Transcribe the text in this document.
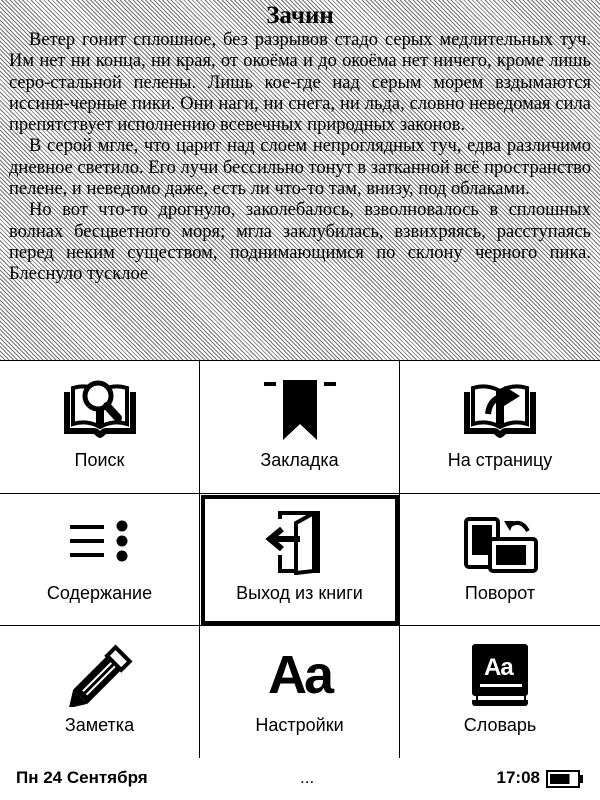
Зачин

Ветер гонит сплошное, без разрывов стадо серых медлительных туч. Им нет ни конца, ни края, от окоёма и до окоёма нет ничего, кроме лишь серо-стальной пелены. Лишь кое-где над серым морем вздымаются иссиня-черные пики. Они наги, ни снега, ни льда, словно неведомая сила препятствует исполнению всевечных природных законов.

В серой мгле, что царит над слоем непроглядных туч, едва различимо дневное светило. Его лучи бессильно тонут в затканной всё пространство пелене, и неведомо даже, есть ли что-то там, внизу, под облаками.

Но вот что-то дрогнуло, заколебалось, взволновалось в сплошных волнах бесцветного моря; мгла заклубилась, взвихряясь, расступаясь перед неким существом, поднимающимся по склону черного пика. Блеснуло тусклое

Поиск	Закладка	На страницу
Содержание	Выход из книги	Поворот
Заметка
Aa
Настройки
Aa
Словарь
Пн 24 Сентября	...	17:08
